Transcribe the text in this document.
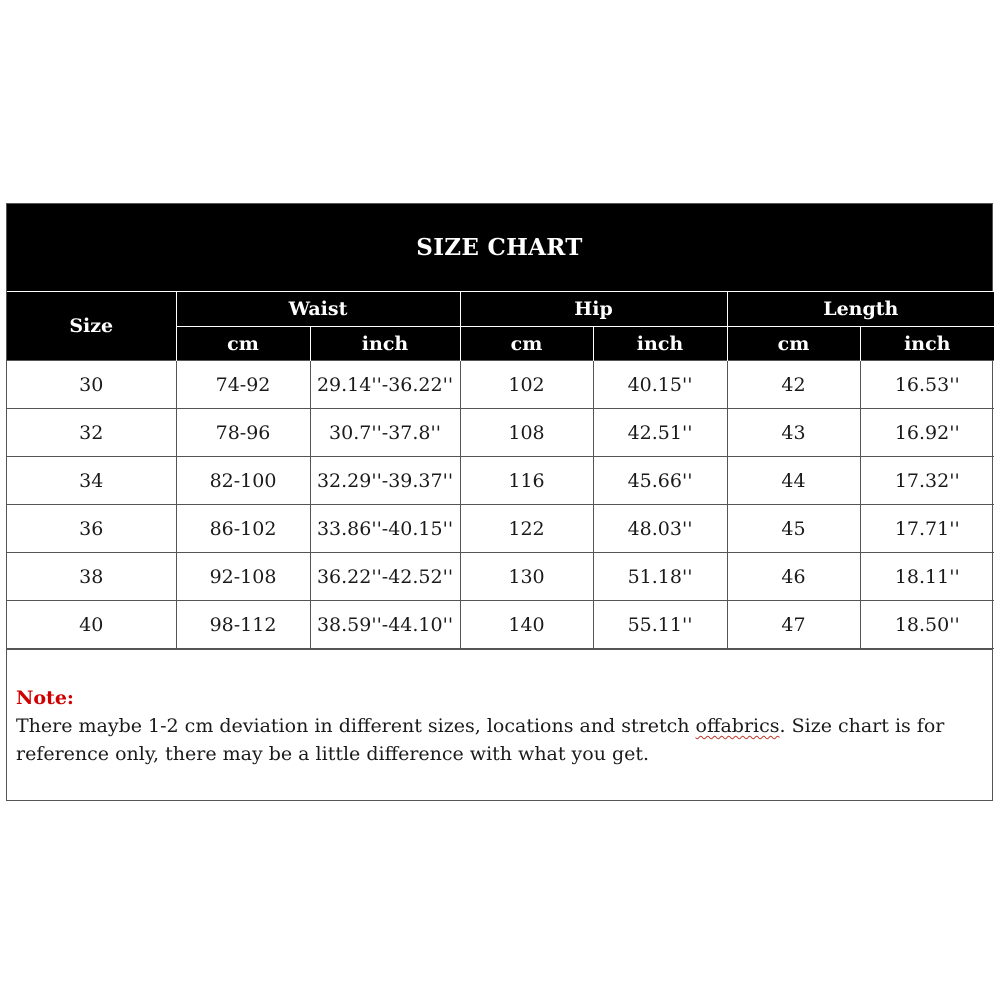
SIZE CHART
Size	Waist		Hip		Length	
	cm	inch	cm	inch	cm	inch
30	74-92	29.14''-36.22''	102	40.15''	42	16.53''
32	78-96	30.7''-37.8''	108	42.51''	43	16.92''
34	82-100	32.29''-39.37''	116	45.66''	44	17.32''
36	86-102	33.86''-40.15''	122	48.03''	45	17.71''
38	92-108	36.22''-42.52''	130	51.18''	46	18.11''
40	98-112	38.59''-44.10''	140	55.11''	47	18.50''
Note:
There maybe 1-2 cm deviation in different sizes, locations and stretch offabrics. Size chart is for reference only, there may be a little difference with what you get.
